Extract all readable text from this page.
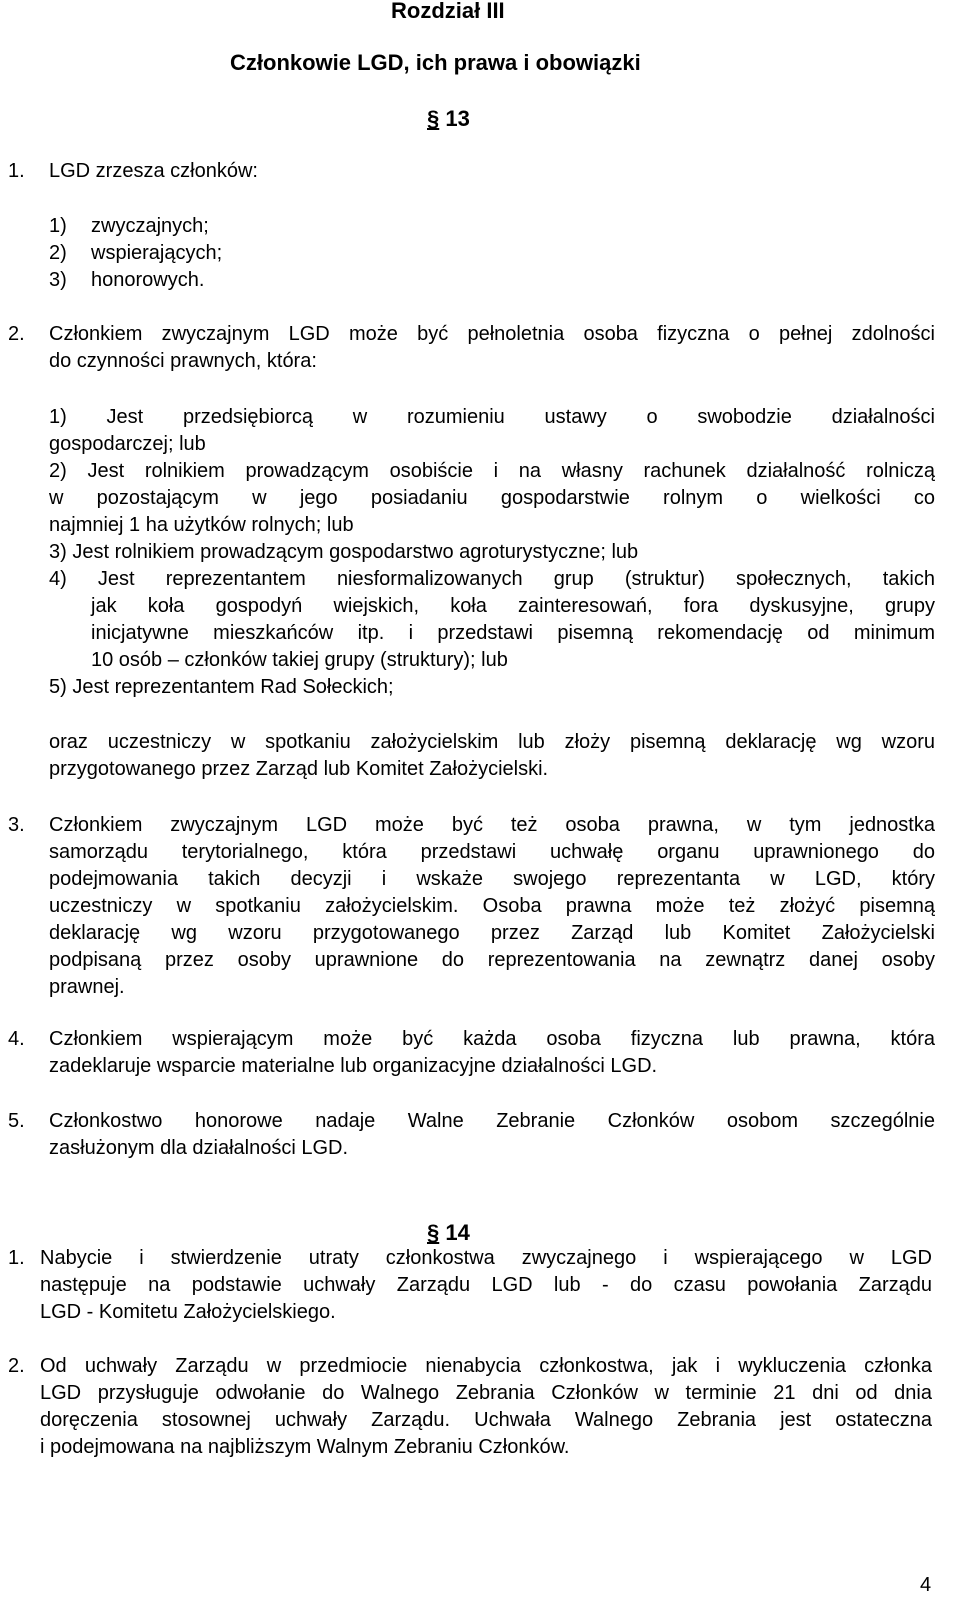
Rozdział III
Członkowie LGD, ich prawa i obowiązki
§ 13
1. LGD zrzesza członków:
1) zwyczajnych;
2) wspierających;
3) honorowych.
2. Członkiem zwyczajnym LGD może być pełnoletnia osoba fizyczna o pełnej zdolności
do czynności prawnych, która:
1) Jest przedsiębiorcą w rozumieniu ustawy o swobodzie działalności
gospodarczej; lub
2) Jest rolnikiem prowadzącym osobiście i na własny rachunek działalność rolniczą
w pozostającym w jego posiadaniu gospodarstwie rolnym o wielkości co
najmniej 1 ha użytków rolnych; lub
3) Jest rolnikiem prowadzącym gospodarstwo agroturystyczne; lub
4) Jest reprezentantem niesformalizowanych grup (struktur) społecznych, takich
jak koła gospodyń wiejskich, koła zainteresowań, fora dyskusyjne, grupy
inicjatywne mieszkańców itp. i przedstawi pisemną rekomendację od minimum
10 osób – członków takiej grupy (struktury); lub
5) Jest reprezentantem Rad Sołeckich;
oraz uczestniczy w spotkaniu założycielskim lub złoży pisemną deklarację wg wzoru
przygotowanego przez Zarząd lub Komitet Założycielski.
3. Członkiem zwyczajnym LGD może być też osoba prawna, w tym jednostka
samorządu terytorialnego, która przedstawi uchwałę organu uprawnionego do
podejmowania takich decyzji i wskaże swojego reprezentanta w LGD, który
uczestniczy w spotkaniu założycielskim. Osoba prawna może też złożyć pisemną
deklarację wg wzoru przygotowanego przez Zarząd lub Komitet Założycielski
podpisaną przez osoby uprawnione do reprezentowania na zewnątrz danej osoby
prawnej.
4. Członkiem wspierającym może być każda osoba fizyczna lub prawna, która
zadeklaruje wsparcie materialne lub organizacyjne działalności LGD.
5. Członkostwo honorowe nadaje Walne Zebranie Członków osobom szczególnie
zasłużonym dla działalności LGD.
§ 14
1. Nabycie i stwierdzenie utraty członkostwa zwyczajnego i wspierającego w LGD
następuje na podstawie uchwały Zarządu LGD lub - do czasu powołania Zarządu
LGD - Komitetu Założycielskiego.
2. Od uchwały Zarządu w przedmiocie nienabycia członkostwa, jak i wykluczenia członka
LGD przysługuje odwołanie do Walnego Zebrania Członków w terminie 21 dni od dnia
doręczenia stosownej uchwały Zarządu. Uchwała Walnego Zebrania jest ostateczna
i podejmowana na najbliższym Walnym Zebraniu Członków.
4
